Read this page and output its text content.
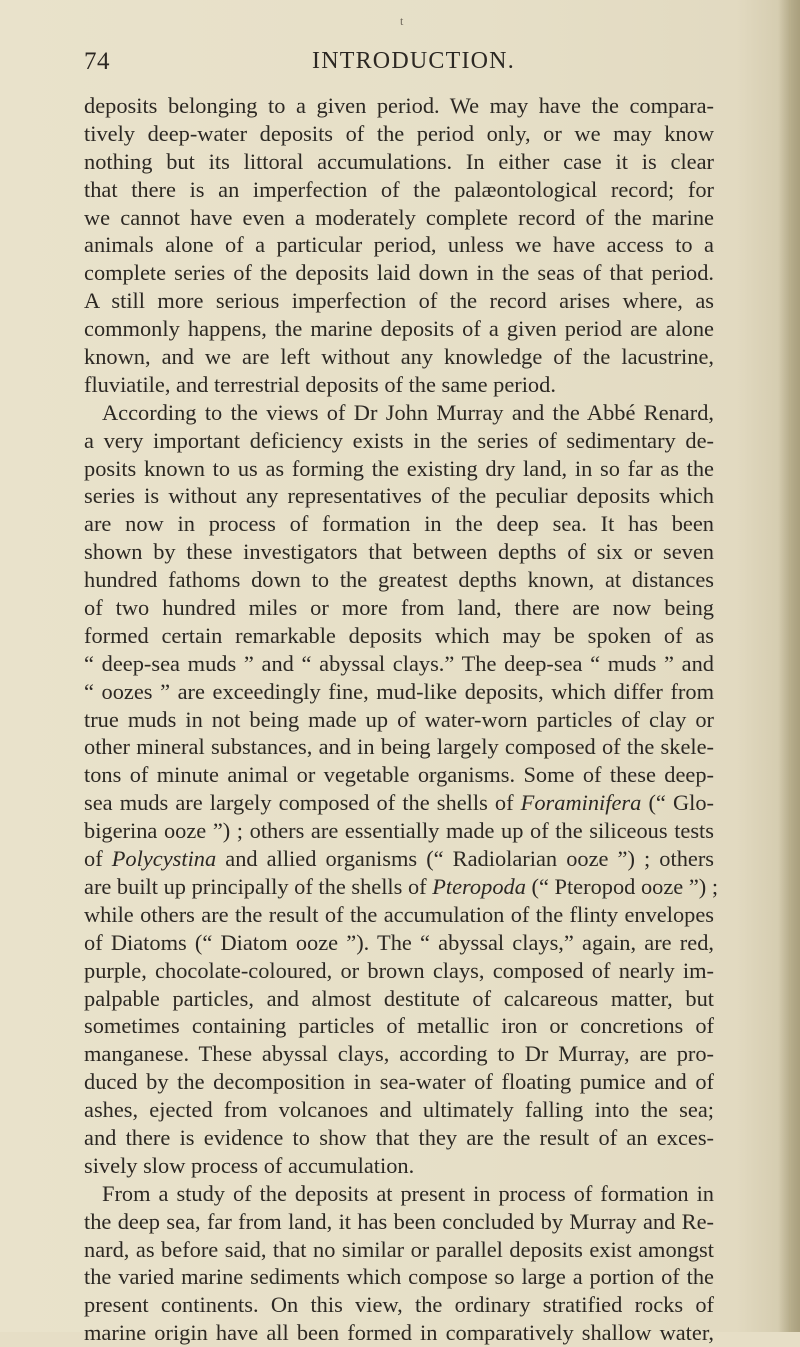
t
74	INTRODUCTION.
deposits belonging to a given period. We may have the compara-
tively deep-water deposits of the period only, or we may know
nothing but its littoral accumulations. In either case it is clear
that there is an imperfection of the palæontological record; for
we cannot have even a moderately complete record of the marine
animals alone of a particular period, unless we have access to a
complete series of the deposits laid down in the seas of that period.
A still more serious imperfection of the record arises where, as
commonly happens, the marine deposits of a given period are alone
known, and we are left without any knowledge of the lacustrine,
fluviatile, and terrestrial deposits of the same period.
According to the views of Dr John Murray and the Abbé Renard,
a very important deficiency exists in the series of sedimentary de-
posits known to us as forming the existing dry land, in so far as the
series is without any representatives of the peculiar deposits which
are now in process of formation in the deep sea. It has been
shown by these investigators that between depths of six or seven
hundred fathoms down to the greatest depths known, at distances
of two hundred miles or more from land, there are now being
formed certain remarkable deposits which may be spoken of as
“ deep-sea muds ” and “ abyssal clays.” The deep-sea “ muds ” and
“ oozes ” are exceedingly fine, mud-like deposits, which differ from
true muds in not being made up of water-worn particles of clay or
other mineral substances, and in being largely composed of the skele-
tons of minute animal or vegetable organisms. Some of these deep-
sea muds are largely composed of the shells of Foraminifera (“ Glo-
bigerina ooze ”) ; others are essentially made up of the siliceous tests
of Polycystina and allied organisms (“ Radiolarian ooze ”) ; others
are built up principally of the shells of Pteropoda (“ Pteropod ooze ”) ;
while others are the result of the accumulation of the flinty envelopes
of Diatoms (“ Diatom ooze ”). The “ abyssal clays,” again, are red,
purple, chocolate-coloured, or brown clays, composed of nearly im-
palpable particles, and almost destitute of calcareous matter, but
sometimes containing particles of metallic iron or concretions of
manganese. These abyssal clays, according to Dr Murray, are pro-
duced by the decomposition in sea-water of floating pumice and of
ashes, ejected from volcanoes and ultimately falling into the sea;
and there is evidence to show that they are the result of an exces-
sively slow process of accumulation.
From a study of the deposits at present in process of formation in
the deep sea, far from land, it has been concluded by Murray and Re-
nard, as before said, that no similar or parallel deposits exist amongst
the varied marine sediments which compose so large a portion of the
present continents. On this view, the ordinary stratified rocks of
marine origin have all been formed in comparatively shallow water,
